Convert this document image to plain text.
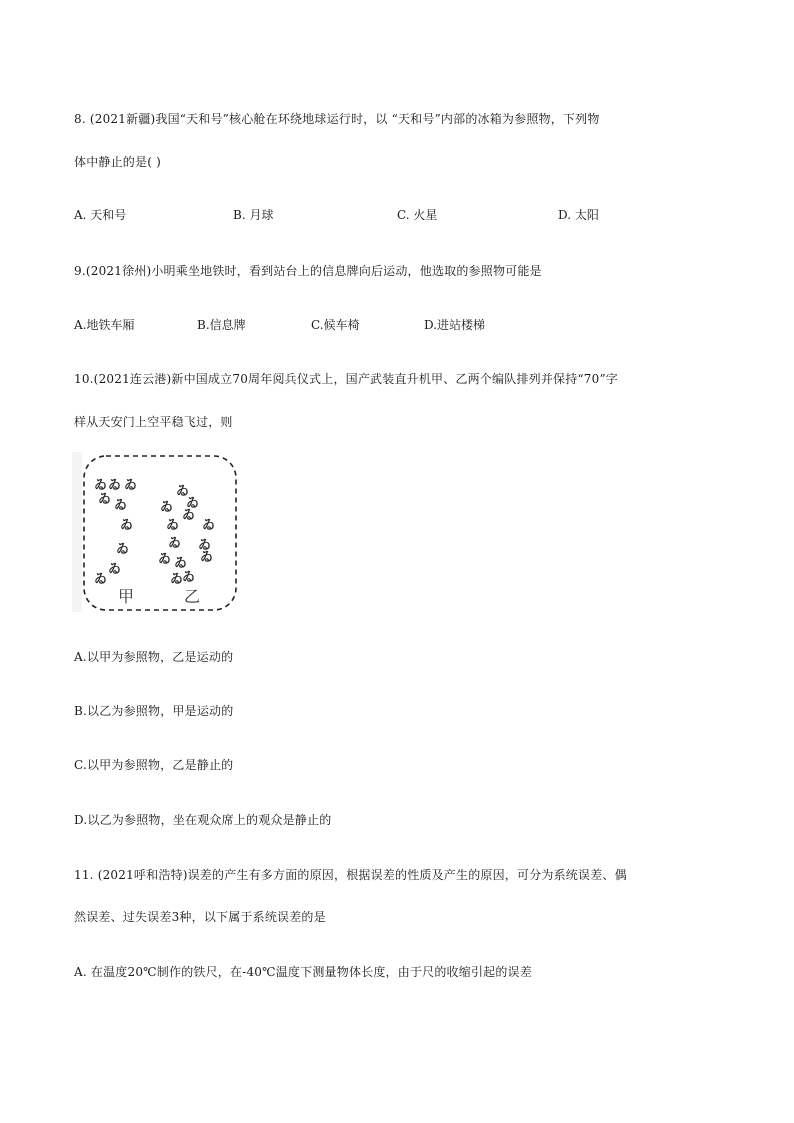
8. (2021新疆)我国“天和号”核心舱在环绕地球运行时，以 “天和号”内部的冰箱为参照物，下列物
体中静止的是( )
A. 天和号	B. 月球	C. 火星	D. 太阳
9.(2021徐州)小明乘坐地铁时，看到站台上的信息牌向后运动，他选取的参照物可能是
A.地铁车厢	B.信息牌	C.候车椅	D.进站楼梯
10.(2021连云港)新中国成立70周年阅兵仪式上，国产武装直升机甲、乙两个编队排列并保持“70”字
样从天安门上空平稳飞过，则
ゐ ゐ ゐ	ゐ
ゐ
ゐ
ゐ
ゐ
ゐ	ゐ ゐ
ゐ
ゐ	ゐ ゐ
ゐ
ゐ	ゐ ゐ
ゐ	ゐ
ゐ
甲	乙
A.以甲为参照物，乙是运动的
B.以乙为参照物，甲是运动的
C.以甲为参照物，乙是静止的
D.以乙为参照物，坐在观众席上的观众是静止的
11. (2021呼和浩特)误差的产生有多方面的原因，根据误差的性质及产生的原因，可分为系统误差、偶
然误差、过失误差3种，以下属于系统误差的是
A. 在温度20℃制作的铁尺，在-40℃温度下测量物体长度，由于尺的收缩引起的误差
